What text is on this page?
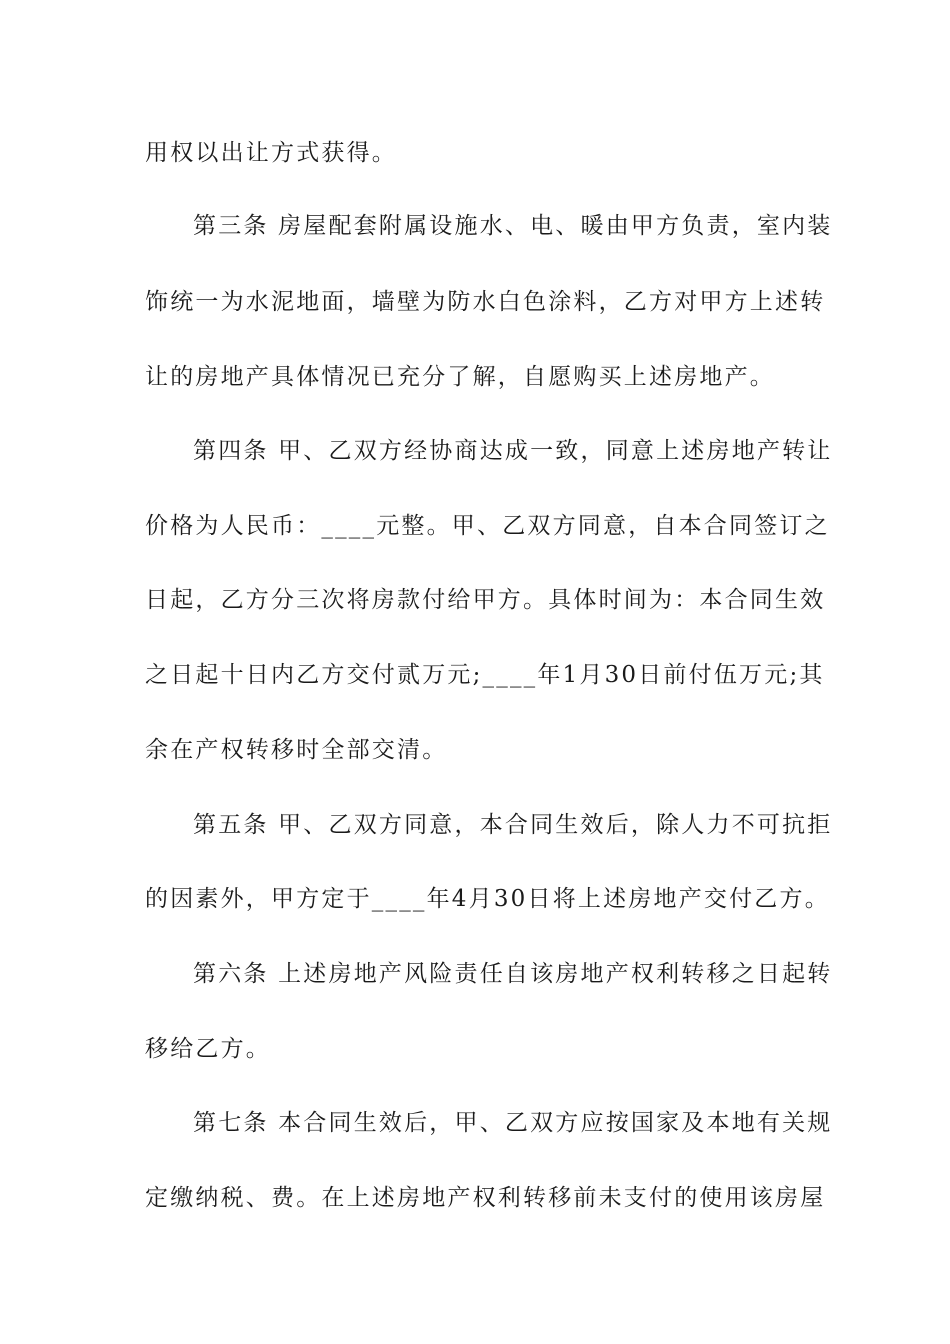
用权以出让方式获得。
第三条 房屋配套附属设施水、电、暖由甲方负责，室内装
饰统一为水泥地面，墙壁为防水白色涂料，乙方对甲方上述转
让的房地产具体情况已充分了解，自愿购买上述房地产。
第四条 甲、乙双方经协商达成一致，同意上述房地产转让
价格为人民币：____元整。甲、乙双方同意，自本合同签订之
日起，乙方分三次将房款付给甲方。具体时间为：本合同生效
之日起十日内乙方交付贰万元;____年1月30日前付伍万元;其
余在产权转移时全部交清。
第五条 甲、乙双方同意，本合同生效后，除人力不可抗拒
的因素外，甲方定于____年4月30日将上述房地产交付乙方。
第六条 上述房地产风险责任自该房地产权利转移之日起转
移给乙方。
第七条 本合同生效后，甲、乙双方应按国家及本地有关规
定缴纳税、费。在上述房地产权利转移前未支付的使用该房屋
